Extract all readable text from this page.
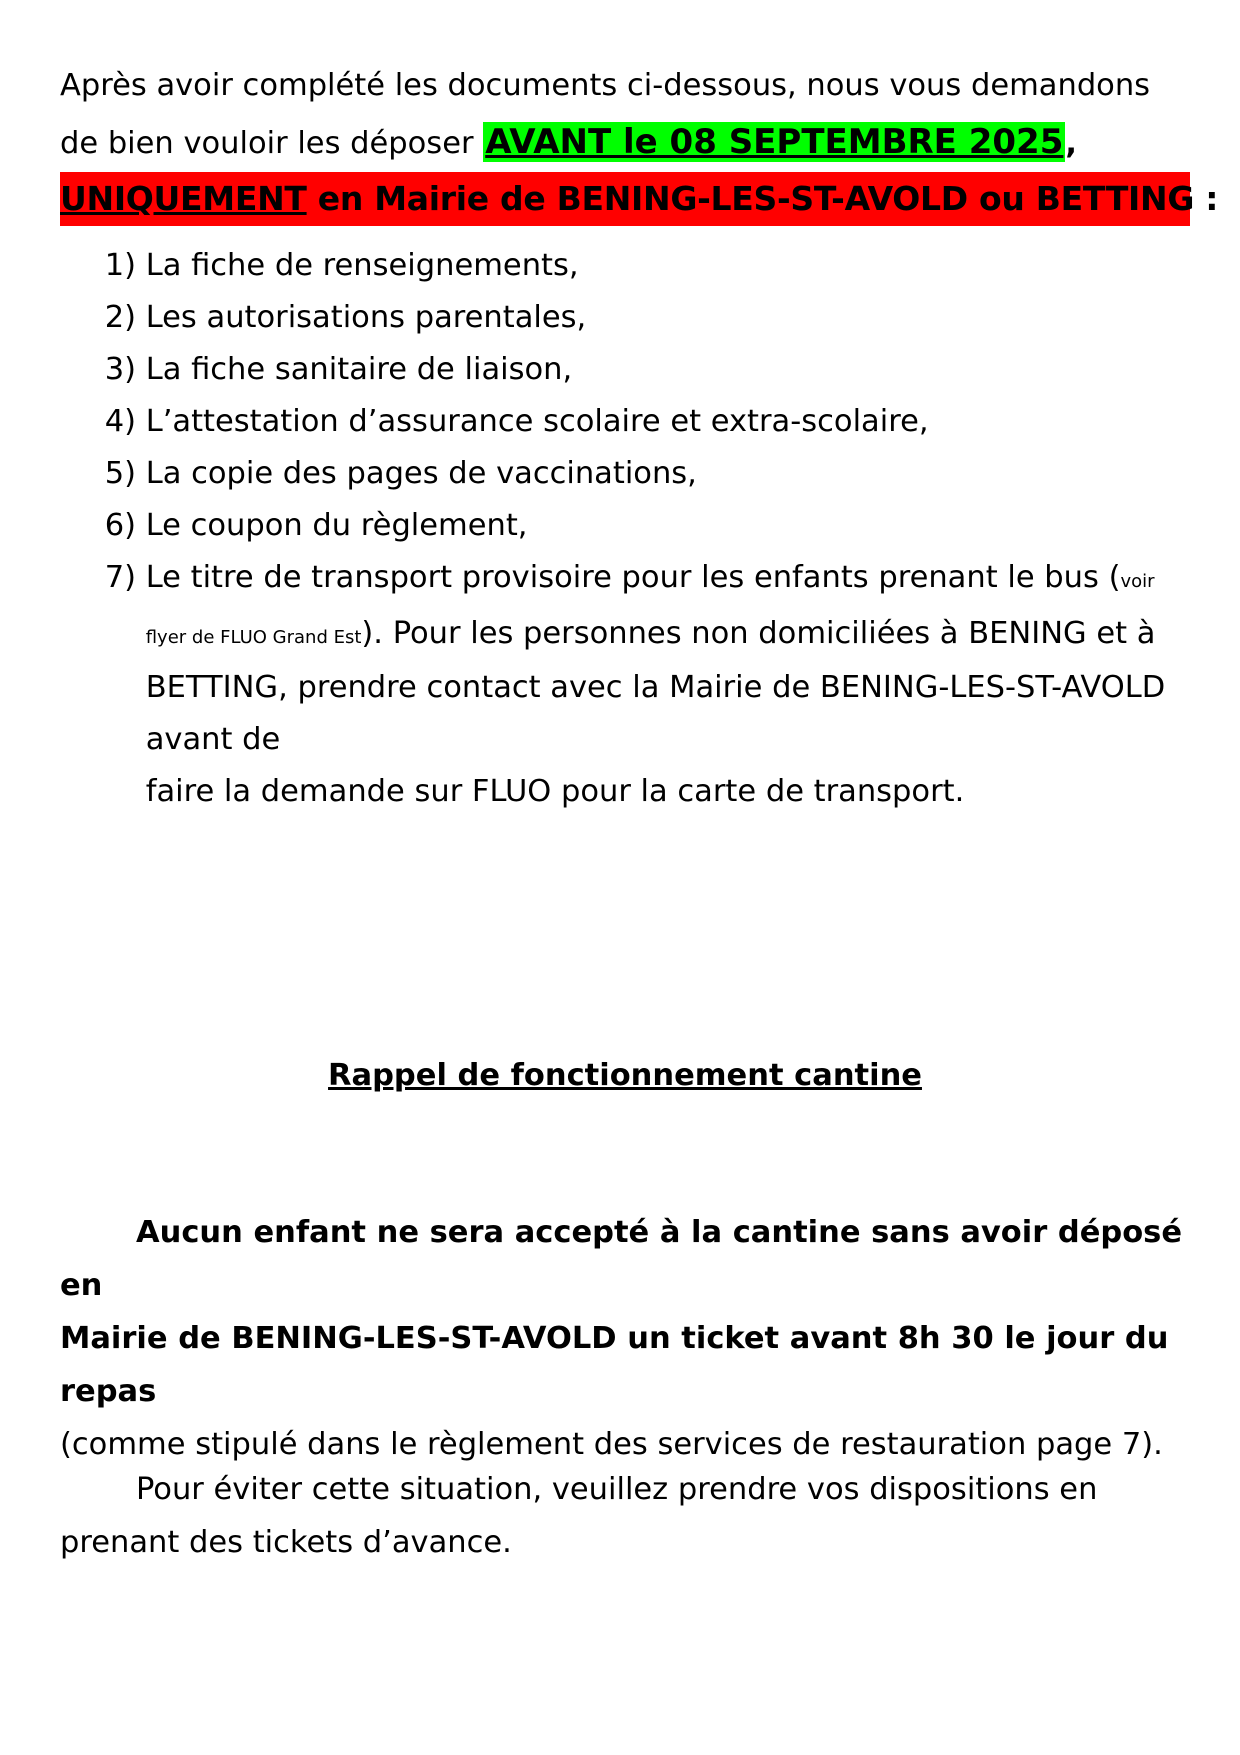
Après avoir complété les documents ci-dessous, nous vous demandons
de bien vouloir les déposer AVANT le 08 SEPTEMBRE 2025,

UNIQUEMENT en Mairie de BENING-LES-ST-AVOLD ou BETTING :

1)
La fiche de renseignements,
2)
Les autorisations parentales,
3)
La fiche sanitaire de liaison,
4)
L’attestation d’assurance scolaire et extra-scolaire,
5)
La copie des pages de vaccinations,
6)
Le coupon du règlement,
7)
Le titre de transport provisoire pour les enfants prenant le bus (voir
flyer de FLUO Grand Est). Pour les personnes non domiciliées à BENING et à
BETTING, prendre contact avec la Mairie de BENING-LES-ST-AVOLD avant de
faire la demande sur FLUO pour la carte de transport.

Rappel de fonctionnement cantine

Aucun enfant ne sera accepté à la cantine sans avoir déposé en
Mairie de BENING-LES-ST-AVOLD un ticket avant 8h 30 le jour du repas
(comme stipulé dans le règlement des services de restauration page 7).

Pour éviter cette situation, veuillez prendre vos dispositions en
prenant des tickets d’avance.
